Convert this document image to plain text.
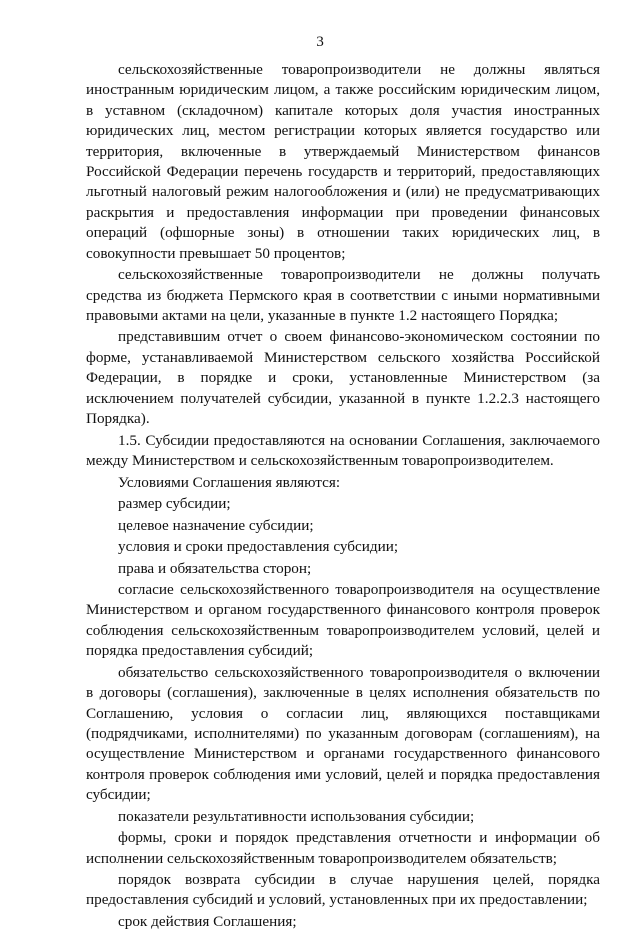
3

сельскохозяйственные товаропроизводители не должны являться иностранным юридическим лицом, а также российским юридическим лицом, в уставном (складочном) капитале которых доля участия иностранных юридических лиц, местом регистрации которых является государство или территория, включенные в утверждаемый Министерством финансов Российской Федерации перечень государств и территорий, предоставляющих льготный налоговый режим налогообложения и (или) не предусматривающих раскрытия и предоставления информации при проведении финансовых операций (офшорные зоны) в отношении таких юридических лиц, в совокупности превышает 50 процентов;

сельскохозяйственные товаропроизводители не должны получать средства из бюджета Пермского края в соответствии с иными нормативными правовыми актами на цели, указанные в пункте 1.2 настоящего Порядка;

представившим отчет о своем финансово-экономическом состоянии по форме, устанавливаемой Министерством сельского хозяйства Российской Федерации, в порядке и сроки, установленные Министерством (за исключением получателей субсидии, указанной в пункте 1.2.2.3 настоящего Порядка).

1.5. Субсидии предоставляются на основании Соглашения, заключаемого между Министерством и сельскохозяйственным товаропроизводителем.

Условиями Соглашения являются:

размер субсидии;

целевое назначение субсидии;

условия и сроки предоставления субсидии;

права и обязательства сторон;

согласие сельскохозяйственного товаропроизводителя на осуществление Министерством и органом государственного финансового контроля проверок соблюдения сельскохозяйственным товаропроизводителем условий, целей и порядка предоставления субсидий;

обязательство сельскохозяйственного товаропроизводителя о включении в договоры (соглашения), заключенные в целях исполнения обязательств по Соглашению, условия о согласии лиц, являющихся поставщиками (подрядчиками, исполнителями) по указанным договорам (соглашениям), на осуществление Министерством и органами государственного финансового контроля проверок соблюдения ими условий, целей и порядка предоставления субсидии;

показатели результативности использования субсидии;

формы, сроки и порядок представления отчетности и информации об исполнении сельскохозяйственным товаропроизводителем обязательств;

порядок возврата субсидии в случае нарушения целей, порядка предоставления субсидий и условий, установленных при их предоставлении;

срок действия Соглашения;
